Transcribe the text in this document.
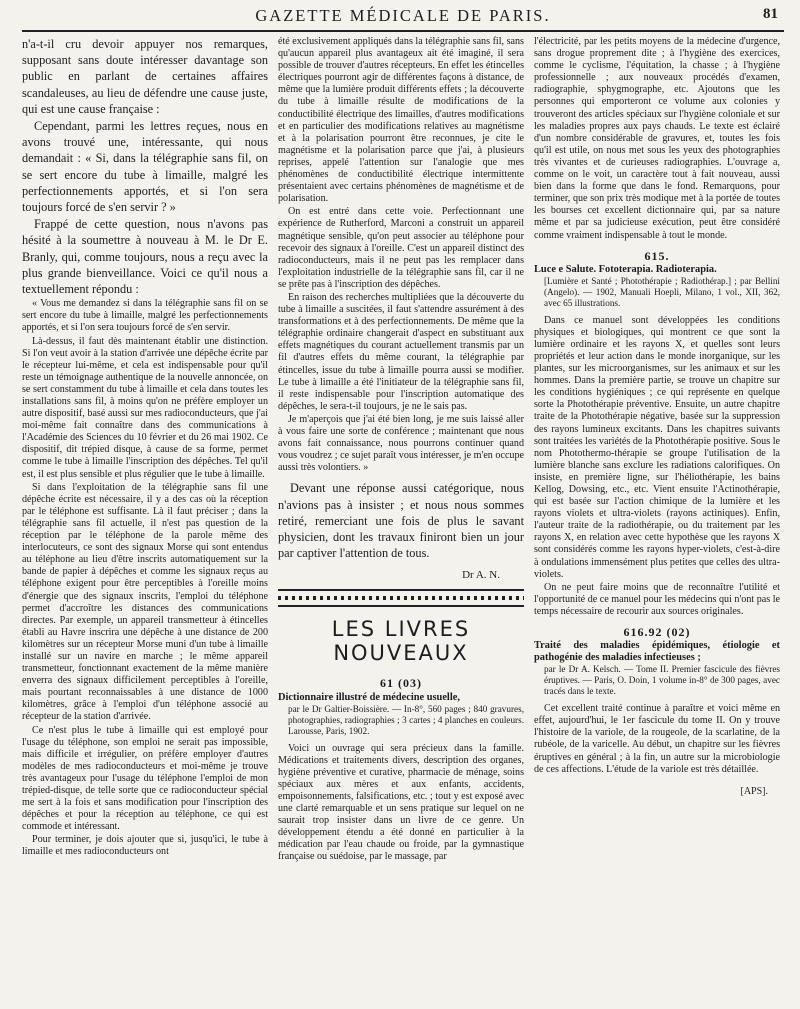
GAZETTE MÉDICALE DE PARIS.	81

n'a-t-il cru devoir appuyer nos remarques, supposant sans doute intéresser davantage son public en parlant de certaines affaires scandaleuses, au lieu de défendre une cause juste, qui est une cause française :

Cependant, parmi les lettres reçues, nous en avons trouvé une, intéressante, qui nous demandait : « Si, dans la télégraphie sans fil, on se sert encore du tube à limaille, malgré les perfectionnements apportés, et si l'on sera toujours forcé de s'en servir ? »

Frappé de cette question, nous n'avons pas hésité à la soumettre à nouveau à M. le Dr E. Branly, qui, comme toujours, nous a reçu avec la plus grande bienveillance. Voici ce qu'il nous a textuellement répondu :

« Vous me demandez si dans la télégraphie sans fil on se sert encore du tube à limaille, malgré les perfectionnements apportés, et si l'on sera toujours forcé de s'en servir.

Là-dessus, il faut dès maintenant établir une distinction. Si l'on veut avoir à la station d'arrivée une dépêche écrite par le récepteur lui-même, et cela est indispensable pour qu'il reste un témoignage authentique de la nouvelle annoncée, on se sert constamment du tube à limaille et cela dans toutes les installations sans fil, à moins qu'on ne préfère employer un autre dispositif, basé aussi sur mes radioconducteurs, que j'ai moi-même fait connaître dans des communications à l'Académie des Sciences du 10 février et du 26 mai 1902. Ce dispositif, dit trépied disque, à cause de sa forme, permet comme le tube à limaille l'inscription des dépêches. Tel qu'il est, il est plus sensible et plus régulier que le tube à limaille.

Si dans l'exploitation de la télégraphie sans fil une dépêche écrite est nécessaire, il y a des cas où la réception par le téléphone est suffisante. Là il faut préciser ; dans la télégraphie sans fil actuelle, il n'est pas question de la réception par le téléphone de la parole même des interlocuteurs, ce sont des signaux Morse qui sont entendus au téléphone au lieu d'être inscrits automatiquement sur la bande de papier à dépêches et comme les signaux reçus au téléphone exigent pour être perceptibles à l'oreille moins d'énergie que des signaux inscrits, l'emploi du téléphone permet d'accroître les distances des communications directes. Par exemple, un appareil transmetteur à étincelles établi au Havre inscrira une dépêche à une distance de 200 kilomètres sur un récepteur Morse muni d'un tube à limaille installé sur un navire en marche ; le même appareil transmetteur, fonctionnant exactement de la même manière enverra des signaux difficilement perceptibles à l'oreille, mais pourtant reconnaissables à une distance de 1000 kilomètres, grâce à l'emploi d'un téléphone associé au récepteur de la station d'arrivée.

Ce n'est plus le tube à limaille qui est employé pour l'usage du téléphone, son emploi ne serait pas impossible, mais difficile et irrégulier, on préfère employer d'autres modèles de mes radioconducteurs et moi-même je trouve très avantageux pour l'usage du téléphone l'emploi de mon trépied-disque, de telle sorte que ce radioconducteur spécial me sert à la fois et sans modification pour l'inscription des dépêches et pour la réception au téléphone, ce qui est commode et intéressant.

Pour terminer, je dois ajouter que si, jusqu'ici, le tube à limaille et mes radioconducteurs ont

été exclusivement appliqués dans la télégraphie sans fil, sans qu'aucun appareil plus avantageux ait été imaginé, il sera possible de trouver d'autres récepteurs. En effet les étincelles électriques pourront agir de différentes façons à distance, de même que la lumière produit différents effets ; la découverte du tube à limaille résulte de modifications de la conductibilité électrique des limailles, d'autres modifications et en particulier des modifications relatives au magnétisme et à la polarisation pourront être reconnues, je cite le magnétisme et la polarisation parce que j'ai, à plusieurs reprises, appelé l'attention sur l'analogie que mes phénomènes de conductibilité électrique intermittente présentaient avec certains phénomènes de magnétisme et de polarisation.

On est entré dans cette voie. Perfectionnant une expérience de Rutherford, Marconi a construit un appareil magnétique sensible, qu'on peut associer au téléphone pour recevoir des signaux à l'oreille. C'est un appareil distinct des radioconducteurs, mais il ne peut pas les remplacer dans l'exploitation industrielle de la télégraphie sans fil, car il ne se prête pas à l'inscription des dépêches.

En raison des recherches multipliées que la découverte du tube à limaille a suscitées, il faut s'attendre assurément à des transformations et à des perfectionnements. De même que la télégraphie ordinaire changerait d'aspect en substituant aux effets magnétiques du courant actuellement transmis par un fil d'autres effets du même courant, la télégraphie par étincelles, issue du tube à limaille pourra aussi se modifier. Le tube à limaille a été l'initiateur de la télégraphie sans fil, il reste indispensable pour l'inscription automatique des dépêches, le sera-t-il toujours, je ne le sais pas.

Je m'aperçois que j'ai été bien long, je me suis laissé aller à vous faire une sorte de conférence ; maintenant que nous avons fait connaissance, nous pourrons continuer quand vous voudrez ; ce sujet paraît vous intéresser, je m'en occupe aussi très volontiers. »

Devant une réponse aussi catégorique, nous n'avions pas à insister ; et nous nous sommes retiré, remerciant une fois de plus le savant physicien, dont les travaux finiront bien un jour par captiver l'attention de tous.

Dr A. N.
LES LIVRES
NOUVEAUX
61 (03)
Dictionnaire illustré de médecine usuelle,
par le Dr Galtier-Boissière. — In-8°, 560 pages ; 840 gravures, photographies, radiographies ; 3 cartes ; 4 planches en couleurs. Larousse, Paris, 1902.

Voici un ouvrage qui sera précieux dans la famille. Médications et traitements divers, description des organes, hygiène préventive et curative, pharmacie de ménage, soins spéciaux aux mères et aux enfants, accidents, empoisonnements, falsifications, etc. ; tout y est exposé avec une clarté remarquable et un sens pratique sur lequel on ne saurait trop insister dans un livre de ce genre. Un développement étendu a été donné en particulier à la médication par l'eau chaude ou froide, par la gymnastique française ou suédoise, par le massage, par

l'électricité, par les petits moyens de la médecine d'urgence, sans drogue proprement dite ; à l'hygiène des exercices, comme le cyclisme, l'équitation, la chasse ; à l'hygiène professionnelle ; aux nouveaux procédés d'examen, radiographie, sphygmographe, etc. Ajoutons que les personnes qui emporteront ce volume aux colonies y trouveront des articles spéciaux sur l'hygiène coloniale et sur les maladies propres aux pays chauds. Le texte est éclairé d'un nombre considérable de gravures, et, toutes les fois qu'il est utile, on nous met sous les yeux des photographies très vivantes et de curieuses radiographies. L'ouvrage a, comme on le voit, un caractère tout à fait nouveau, aussi bien dans la forme que dans le fond. Remarquons, pour terminer, que son prix très modique met à la portée de toutes les bourses cet excellent dictionnaire qui, par sa nature même et par sa judicieuse exécution, peut être considéré comme vraiment indispensable à tout le monde.

615.
Luce e Salute. Fototerapia. Radioterapia.
[Lumière et Santé ; Photothérapie ; Radiothérap.] ; par Bellini (Angelo). — 1902, Manuali Hoepli, Milano, 1 vol., XII, 362, avec 65 illustrations.

Dans ce manuel sont développées les conditions physiques et biologiques, qui montrent ce que sont la lumière ordinaire et les rayons X, et quelles sont leurs propriétés et leur action dans le monde inorganique, sur les plantes, sur les microorganismes, sur les animaux et sur les hommes. Dans la première partie, se trouve un chapitre sur les conditions hygiéniques ; ce qui représente en quelque sorte la Photothérapie préventive. Ensuite, un autre chapitre traite de la Photothérapie négative, basée sur la suppression des rayons lumineux excitants. Dans les chapitres suivants sont traitées les variétés de la Photothérapie positive. Sous le nom Photothermo-thérapie se groupe l'utilisation de la lumière blanche sans exclure les radiations calorifiques. On insiste, en première ligne, sur l'héliothérapie, les bains Kellog, Dowsing, etc., etc. Vient ensuite l'Actinothérapie, qui est basée sur l'action chimique de la lumière et les rayons violets et ultra-violets (rayons actiniques). Enfin, l'auteur traite de la radiothérapie, ou du traitement par les rayons X, en relation avec cette hypothèse que les rayons X sont considérés comme les rayons hyper-violets, c'est-à-dire à ondulations immensément plus petites que celles des ultra-violets.

On ne peut faire moins que de reconnaître l'utilité et l'opportunité de ce manuel pour les médecins qui n'ont pas le temps nécessaire de recourir aux sources originales.

616.92 (02)
Traité des maladies épidémiques, étiologie et pathogénie des maladies infectieuses ;
par le Dr A. Kelsch. — Tome II. Premier fascicule des fièvres éruptives. — Paris, O. Doin, 1 volume in-8° de 300 pages, avec tracés dans le texte.

Cet excellent traité continue à paraître et voici même en effet, aujourd'hui, le 1er fascicule du tome II. On y trouve l'histoire de la variole, de la rougeole, de la scarlatine, de la rubéole, de la varicelle. Au début, un chapitre sur les fièvres éruptives en général ; à la fin, un autre sur la microbiologie de ces affections. L'étude de la variole est très détaillée.

[APS].
